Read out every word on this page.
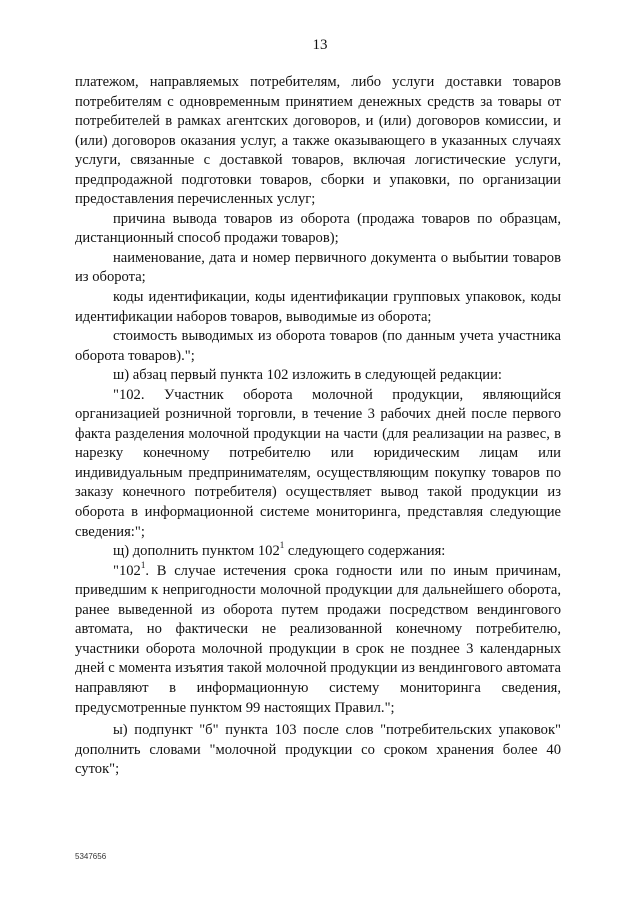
13

платежом, направляемых потребителям, либо услуги доставки товаров потребителям с одновременным принятием денежных средств за товары от потребителей в рамках агентских договоров, и (или) договоров комиссии, и (или) договоров оказания услуг, а также оказывающего в указанных случаях услуги, связанные с доставкой товаров, включая логистические услуги, предпродажной подготовки товаров, сборки и упаковки, по организации предоставления перечисленных услуг;

причина вывода товаров из оборота (продажа товаров по образцам, дистанционный способ продажи товаров);

наименование, дата и номер первичного документа о выбытии товаров из оборота;

коды идентификации, коды идентификации групповых упаковок, коды идентификации наборов товаров, выводимые из оборота;

стоимость выводимых из оборота товаров (по данным учета участника оборота товаров).";

ш) абзац первый пункта 102 изложить в следующей редакции:

"102. Участник оборота молочной продукции, являющийся организацией розничной торговли, в течение 3 рабочих дней после первого факта разделения молочной продукции на части (для реализации на развес, в нарезку конечному потребителю или юридическим лицам или индивидуальным предпринимателям, осуществляющим покупку товаров по заказу конечного потребителя) осуществляет вывод такой продукции из оборота в информационной системе мониторинга, представляя следующие сведения:";

щ) дополнить пунктом $102^1$ следующего содержания:

"$102^1$. В случае истечения срока годности или по иным причинам, приведшим к непригодности молочной продукции для дальнейшего оборота, ранее выведенной из оборота путем продажи посредством вендингового автомата, но фактически не реализованной конечному потребителю, участники оборота молочной продукции в срок не позднее 3 календарных дней с момента изъятия такой молочной продукции из вендингового автомата направляют в информационную систему мониторинга сведения, предусмотренные пунктом 99 настоящих Правил.";

ы) подпункт "б" пункта 103 после слов "потребительских упаковок" дополнить словами "молочной продукции со сроком хранения более 40 суток";

5347656
